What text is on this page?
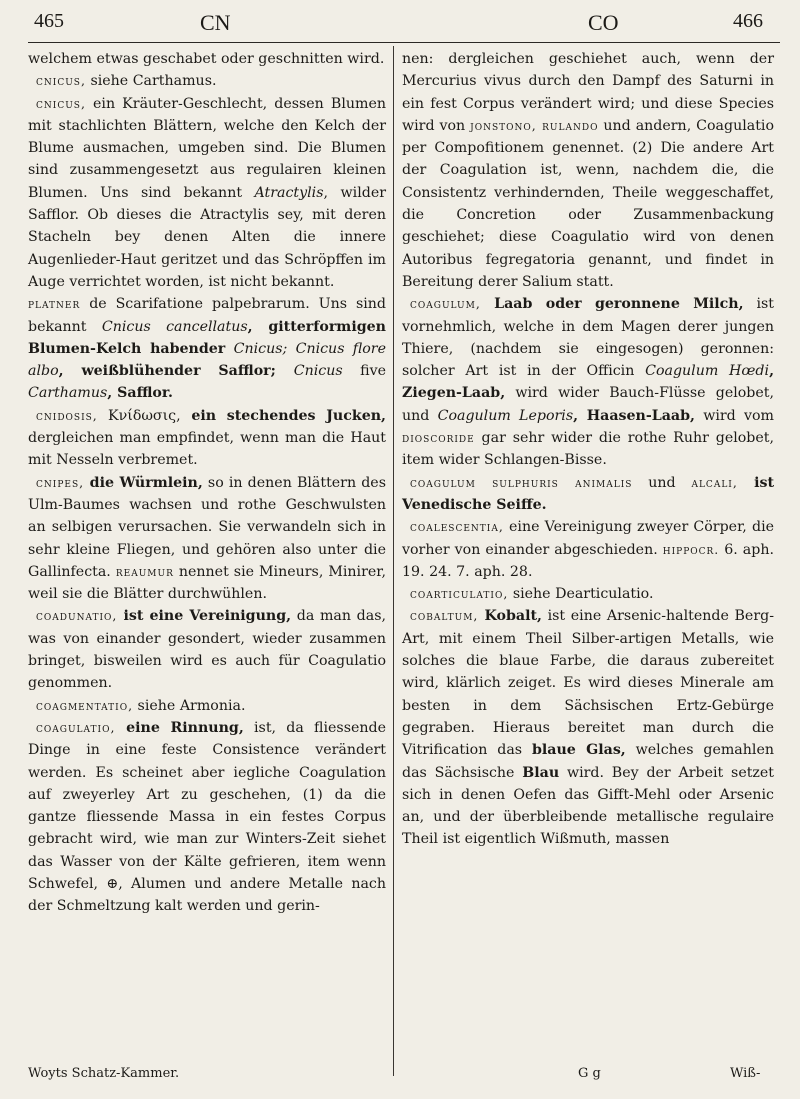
465	CN	CO	466

welchem etwas geschabet oder geschnitten wird.

cnicus, siehe Carthamus.

cnicus, ein Kräuter-Geschlecht, dessen Blumen mit stachlichten Blättern, welche den Kelch der Blume ausmachen, umgeben sind. Die Blumen sind zusammengesetzt aus regulairen kleinen Blumen. Uns sind bekannt Atractylis, wilder Safflor. Ob dieses die Atractylis sey, mit deren Stacheln bey denen Alten die innere Augenlieder-Haut geritzet und das Schröpffen im Auge verrichtet worden, ist nicht bekannt.

platner de Scarifatione palpebrarum. Uns sind bekannt Cnicus cancellatus, gitterformigen Blumen-Kelch habender Cnicus; Cnicus flore albo, weißblühender Safflor; Cnicus five Carthamus, Safflor.

cnidosis, Κνίδωσις, ein stechendes Jucken, dergleichen man empfindet, wenn man die Haut mit Nesseln verbremet.

cnipes, die Würmlein, so in denen Blättern des Ulm-Baumes wachsen und rothe Geschwulsten an selbigen verursachen. Sie verwandeln sich in sehr kleine Fliegen, und gehören also unter die Gallinfecta. reaumur nennet sie Mineurs, Minirer, weil sie die Blätter durchwühlen.

coadunatio, ist eine Vereinigung, da man das, was von einander gesondert, wieder zusammen bringet, bisweilen wird es auch für Coagulatio genommen.

coagmentatio, siehe Armonia.

coagulatio, eine Rinnung, ist, da fliessende Dinge in eine feste Consistence verändert werden. Es scheinet aber iegliche Coagulation auf zweyerley Art zu geschehen, (1) da die gantze fliessende Massa in ein festes Corpus gebracht wird, wie man zur Winters-Zeit siehet das Wasser von der Kälte gefrieren, item wenn Schwefel, ⊕, Alumen und andere Metalle nach der Schmeltzung kalt werden und gerin-

Woyts Schatz-Kammer.

nen: dergleichen geschiehet auch, wenn der Mercurius vivus durch den Dampf des Saturni in ein fest Corpus verändert wird; und diese Species wird von jonstono, rulando und andern, Coagulatio per Compofitionem genennet. (2) Die andere Art der Coagulation ist, wenn, nachdem die, die Consistentz verhindernden, Theile weggeschaffet, die Concretion oder Zusammenbackung geschiehet; diese Coagulatio wird von denen Autoribus fegregatoria genannt, und findet in Bereitung derer Salium statt.

coagulum, Laab oder geronnene Milch, ist vornehmlich, welche in dem Magen derer jungen Thiere, (nachdem sie eingesogen) geronnen: solcher Art ist in der Officin Coagulum Hœdi, Ziegen-Laab, wird wider Bauch-Flüsse gelobet, und Coagulum Leporis, Haasen-Laab, wird vom dioscoride gar sehr wider die rothe Ruhr gelobet, item wider Schlangen-Bisse.

coagulum sulphuris animalis und alcali, ist Venedische Seiffe.

coalescentia, eine Vereinigung zweyer Cörper, die vorher von einander abgeschieden. hippocr. 6. aph. 19. 24. 7. aph. 28.

coarticulatio, siehe Dearticulatio.

cobaltum, Kobalt, ist eine Arsenic-haltende Berg-Art, mit einem Theil Silber-artigen Metalls, wie solches die blaue Farbe, die daraus zubereitet wird, klärlich zeiget. Es wird dieses Minerale am besten in dem Sächsischen Ertz-Gebürge gegraben. Hieraus bereitet man durch die Vitrification das blaue Glas, welches gemahlen das Sächsische Blau wird. Bey der Arbeit setzet sich in denen Oefen das Gifft-Mehl oder Arsenic an, und der überbleibende metallische regulaire Theil ist eigentlich Wißmuth, massen

G g	Wiß-
